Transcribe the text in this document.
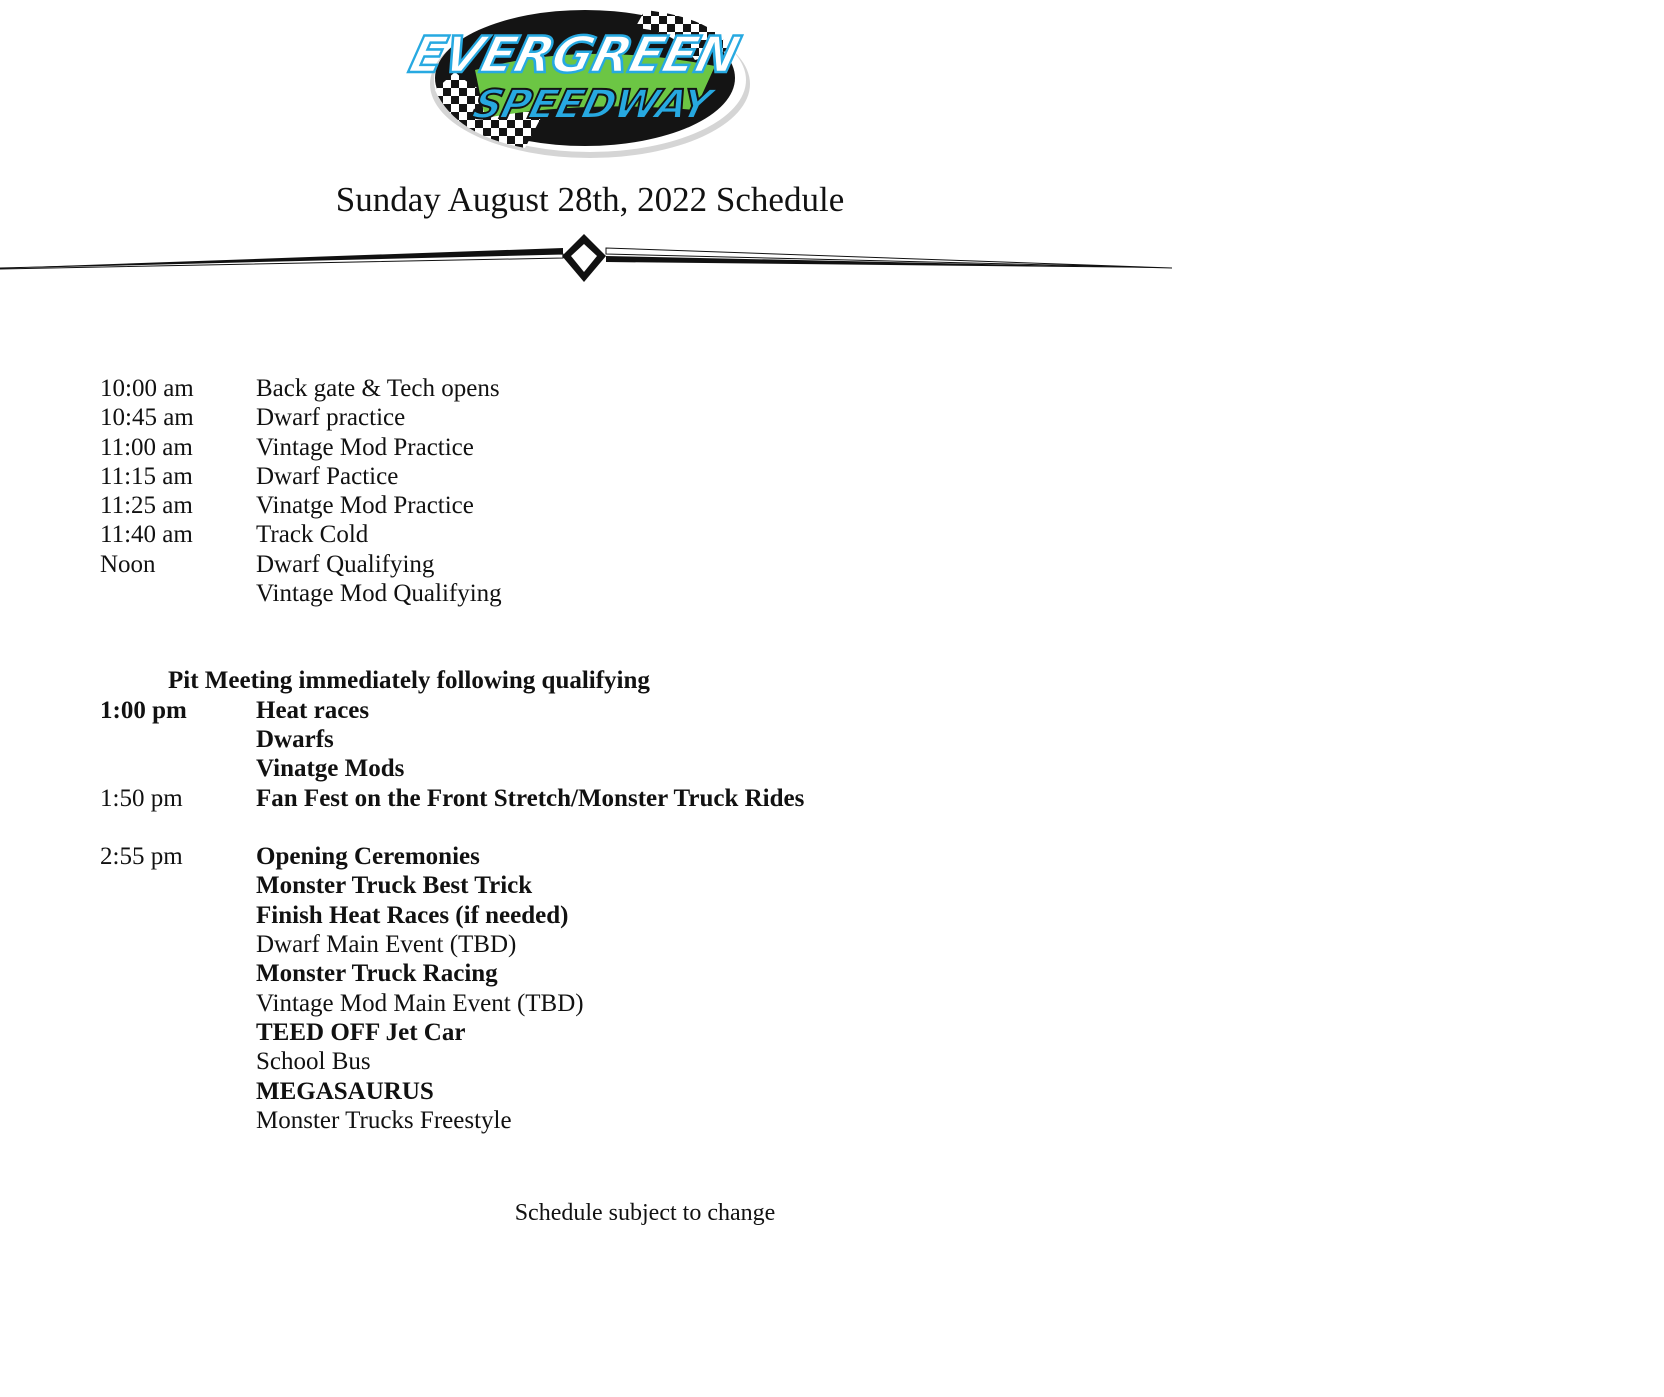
EVERGREEN
SPEEDWAY
Sunday August 28th, 2022 Schedule
10:00 am Back gate & Tech opens
10:45 am Dwarf practice
11:00 am	Vintage Mod Practice
11:15 am	Dwarf Pactice
11:25 am	Vinatge Mod Practice
11:40 am	Track Cold
Noon	Dwarf Qualifying
Vintage Mod Qualifying
Pit Meeting immediately following qualifying
1:00 pm	Heat races
Dwarfs
Vinatge Mods
1:50 pm	Fan Fest on the Front Stretch/Monster Truck Rides
2:55 pm	Opening Ceremonies
Monster Truck Best Trick
Finish Heat Races (if needed)
Dwarf Main Event (TBD)
Monster Truck Racing
Vintage Mod Main Event (TBD)
TEED OFF Jet Car
School Bus
MEGASAURUS
Monster Trucks Freestyle
Schedule subject to change
